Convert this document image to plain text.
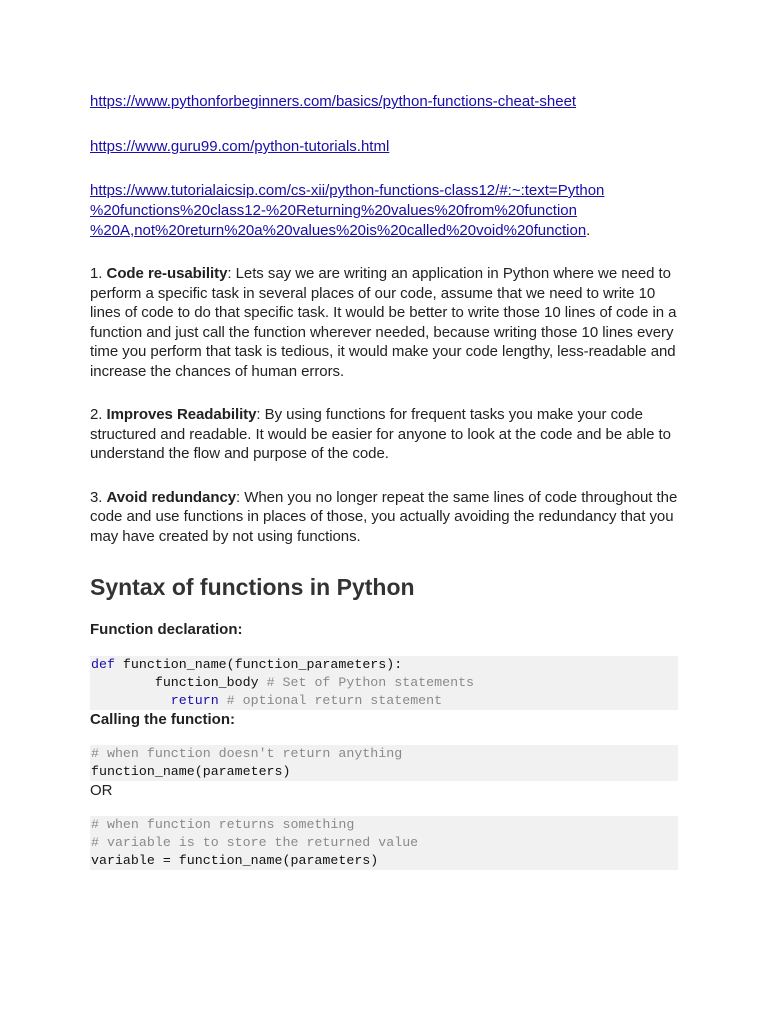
https://www.pythonforbeginners.com/basics/python-functions-cheat-sheet
https://www.guru99.com/python-tutorials.html
https://www.tutorialaicsip.com/cs-xii/python-functions-class12/#:~:text=Python
%20functions%20class12-%20Returning%20values%20from%20function
%20A,not%20return%20a%20values%20is%20called%20void%20function.

1. Code re-usability: Lets say we are writing an application in Python where we need to perform a specific task in several places of our code, assume that we need to write 10 lines of code to do that specific task. It would be better to write those 10 lines of code in a function and just call the function wherever needed, because writing those 10 lines every time you perform that task is tedious, it would make your code lengthy, less-readable and increase the chances of human errors.

2. Improves Readability: By using functions for frequent tasks you make your code structured and readable. It would be easier for anyone to look at the code and be able to understand the flow and purpose of the code.

3. Avoid redundancy: When you no longer repeat the same lines of code throughout the code and use functions in places of those, you actually avoiding the redundancy that you may have created by not using functions.

Syntax of functions in Python

Function declaration:

def function_name(function_parameters):
function_body # Set of Python statements
return # optional return statement

Calling the function:

# when function doesn't return anything
function_name(parameters)

OR

# when function returns something
# variable is to store the returned value
variable = function_name(parameters)
